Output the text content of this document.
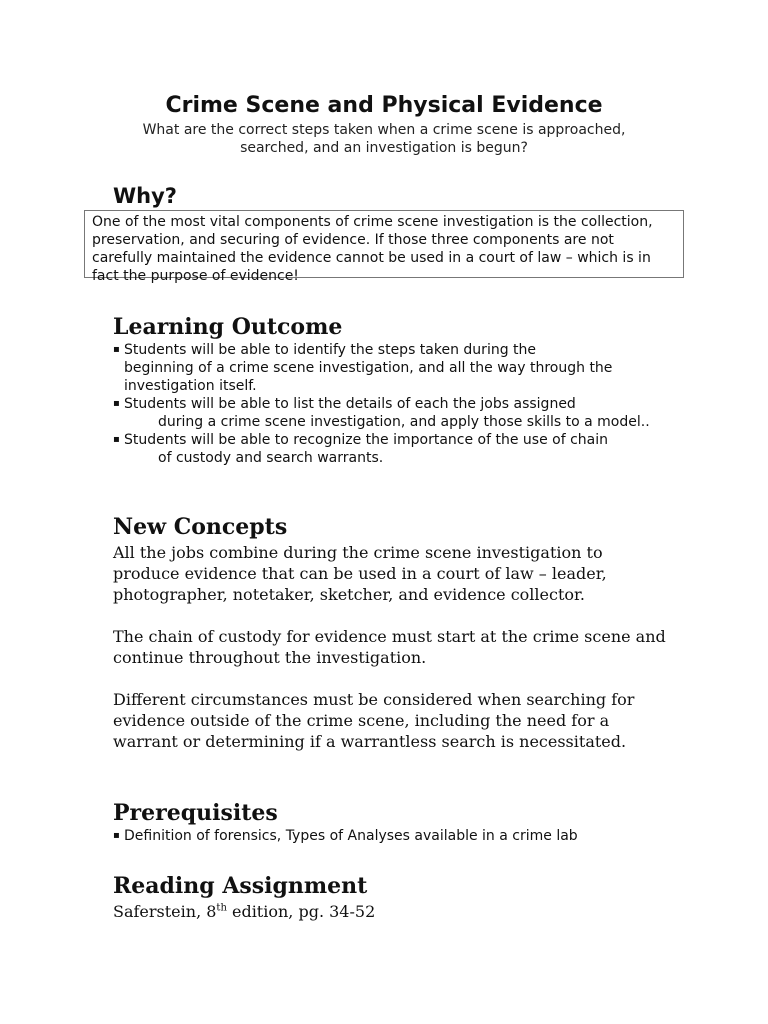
Crime Scene and Physical Evidence

What are the correct steps taken when a crime scene is approached, searched, and an investigation is begun?

Why?
One of the most vital components of crime scene investigation is the collection, preservation, and securing of evidence. If those three components are not carefully maintained the evidence cannot be used in a court of law – which is in fact the purpose of evidence!
Learning Outcome
▪ Students will be able to identify the steps taken during the
beginning of a crime scene investigation, and all the way through the investigation itself.
▪ Students will be able to list the details of each the jobs assigned
during a crime scene investigation, and apply those skills to a model..
▪ Students will be able to recognize the importance of the use of chain
of custody and search warrants.
New Concepts

All the jobs combine during the crime scene investigation to produce evidence that can be used in a court of law – leader, photographer, notetaker, sketcher, and evidence collector.

The chain of custody for evidence must start at the crime scene and continue throughout the investigation.

Different circumstances must be considered when searching for evidence outside of the crime scene, including the need for a warrant or determining if a warrantless search is necessitated.

Prerequisites
▪ Definition of forensics, Types of Analyses available in a crime lab
Reading Assignment

Saferstein, 8th edition, pg. 34-52
